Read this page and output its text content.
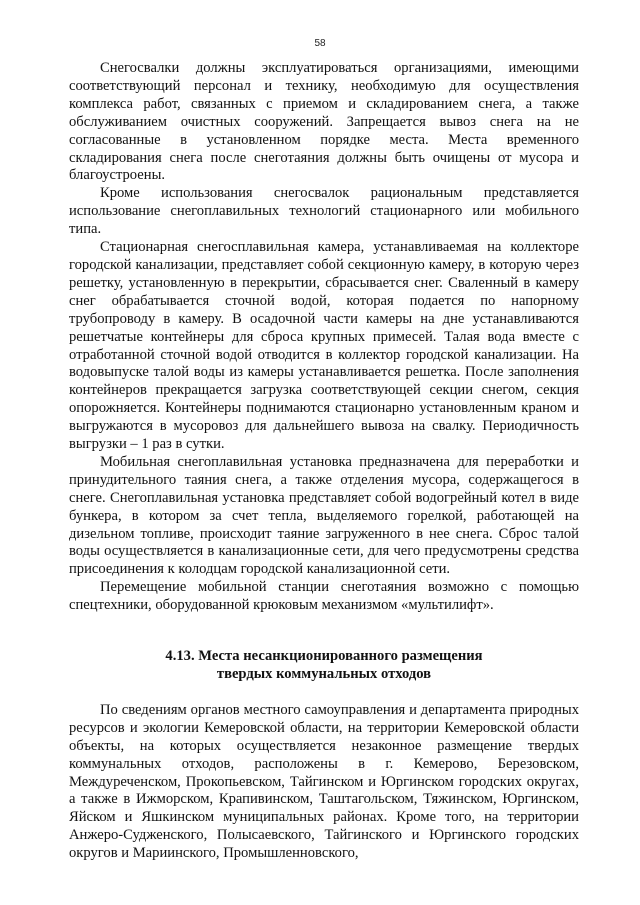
58

Снегосвалки должны эксплуатироваться организациями, имеющими соответствующий персонал и технику, необходимую для осуществления комплекса работ, связанных с приемом и складированием снега, а также обслуживанием очистных сооружений. Запрещается вывоз снега на не согласованные в установленном порядке места. Места временного складирования снега после снеготаяния должны быть очищены от мусора и благоустроены.

Кроме использования снегосвалок рациональным представляется использование снегоплавильных технологий стационарного или мобильного типа.

Стационарная снегосплавильная камера, устанавливаемая на коллекторе городской канализации, представляет собой секционную камеру, в которую через решетку, установленную в перекрытии, сбрасывается снег. Сваленный в камеру снег обрабатывается сточной водой, которая подается по напорному трубопроводу в камеру. В осадочной части камеры на дне устанавливаются решетчатые контейнеры для сброса крупных примесей. Талая вода вместе с отработанной сточной водой отводится в коллектор городской канализации. На водовыпуске талой воды из камеры устанавливается решетка. После заполнения контейнеров прекращается загрузка соответствующей секции снегом, секция опорожняется. Контейнеры поднимаются стационарно установленным краном и выгружаются в мусоровоз для дальнейшего вывоза на свалку. Периодичность выгрузки – 1 раз в сутки.

Мобильная снегоплавильная установка предназначена для переработки и принудительного таяния снега, а также отделения мусора, содержащегося в снеге. Снегоплавильная установка представляет собой водогрейный котел в виде бункера, в котором за счет тепла, выделяемого горелкой, работающей на дизельном топливе, происходит таяние загруженного в нее снега. Сброс талой воды осуществляется в канализационные сети, для чего предусмотрены средства присоединения к колодцам городской канализационной сети.

Перемещение мобильной станции снеготаяния возможно с помощью спецтехники, оборудованной крюковым механизмом «мультилифт».

4.13. Места несанкционированного размещения
твердых коммунальных отходов

По сведениям органов местного самоуправления и департамента природных ресурсов и экологии Кемеровской области, на территории Кемеровской области объекты, на которых осуществляется незаконное размещение твердых коммунальных отходов, расположены в г. Кемерово, Березовском, Междуреченском, Прокопьевском, Тайгинском и Юргинском городских округах, а также в Ижморском, Крапивинском, Таштагольском, Тяжинском, Юргинском, Яйском и Яшкинском муниципальных районах. Кроме того, на территории Анжеро-Судженского, Полысаевского, Тайгинского и Юргинского городских округов и Мариинского, Промышленновского,
